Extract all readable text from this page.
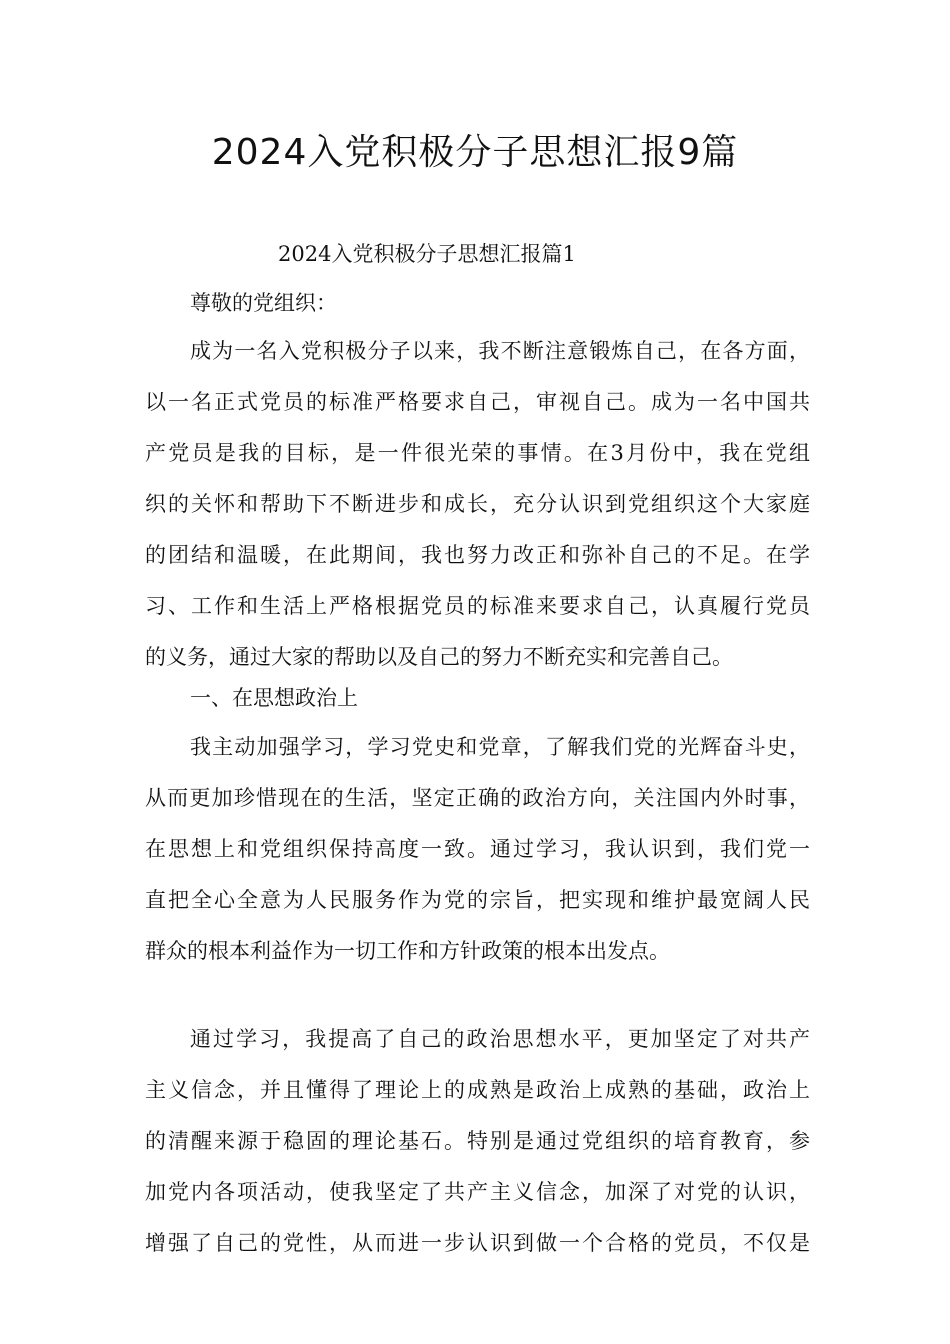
2024入党积极分子思想汇报9篇
2024入党积极分子思想汇报篇1
尊敬的党组织：
成为一名入党积极分子以来，我不断注意锻炼自己，在各方面，
以一名正式党员的标准严格要求自己，审视自己。成为一名中国共
产党员是我的目标，是一件很光荣的事情。在3月份中，我在党组
织的关怀和帮助下不断进步和成长，充分认识到党组织这个大家庭
的团结和温暖，在此期间，我也努力改正和弥补自己的不足。在学
习、工作和生活上严格根据党员的标准来要求自己，认真履行党员
的义务，通过大家的帮助以及自己的努力不断充实和完善自己。
一、在思想政治上
我主动加强学习，学习党史和党章，了解我们党的光辉奋斗史，
从而更加珍惜现在的生活，坚定正确的政治方向，关注国内外时事，
在思想上和党组织保持高度一致。通过学习，我认识到，我们党一
直把全心全意为人民服务作为党的宗旨，把实现和维护最宽阔人民
群众的根本利益作为一切工作和方针政策的根本出发点。
通过学习，我提高了自己的政治思想水平，更加坚定了对共产
主义信念，并且懂得了理论上的成熟是政治上成熟的基础，政治上
的清醒来源于稳固的理论基石。特别是通过党组织的培育教育，参
加党内各项活动，使我坚定了共产主义信念，加深了对党的认识，
增强了自己的党性，从而进一步认识到做一个合格的党员，不仅是
